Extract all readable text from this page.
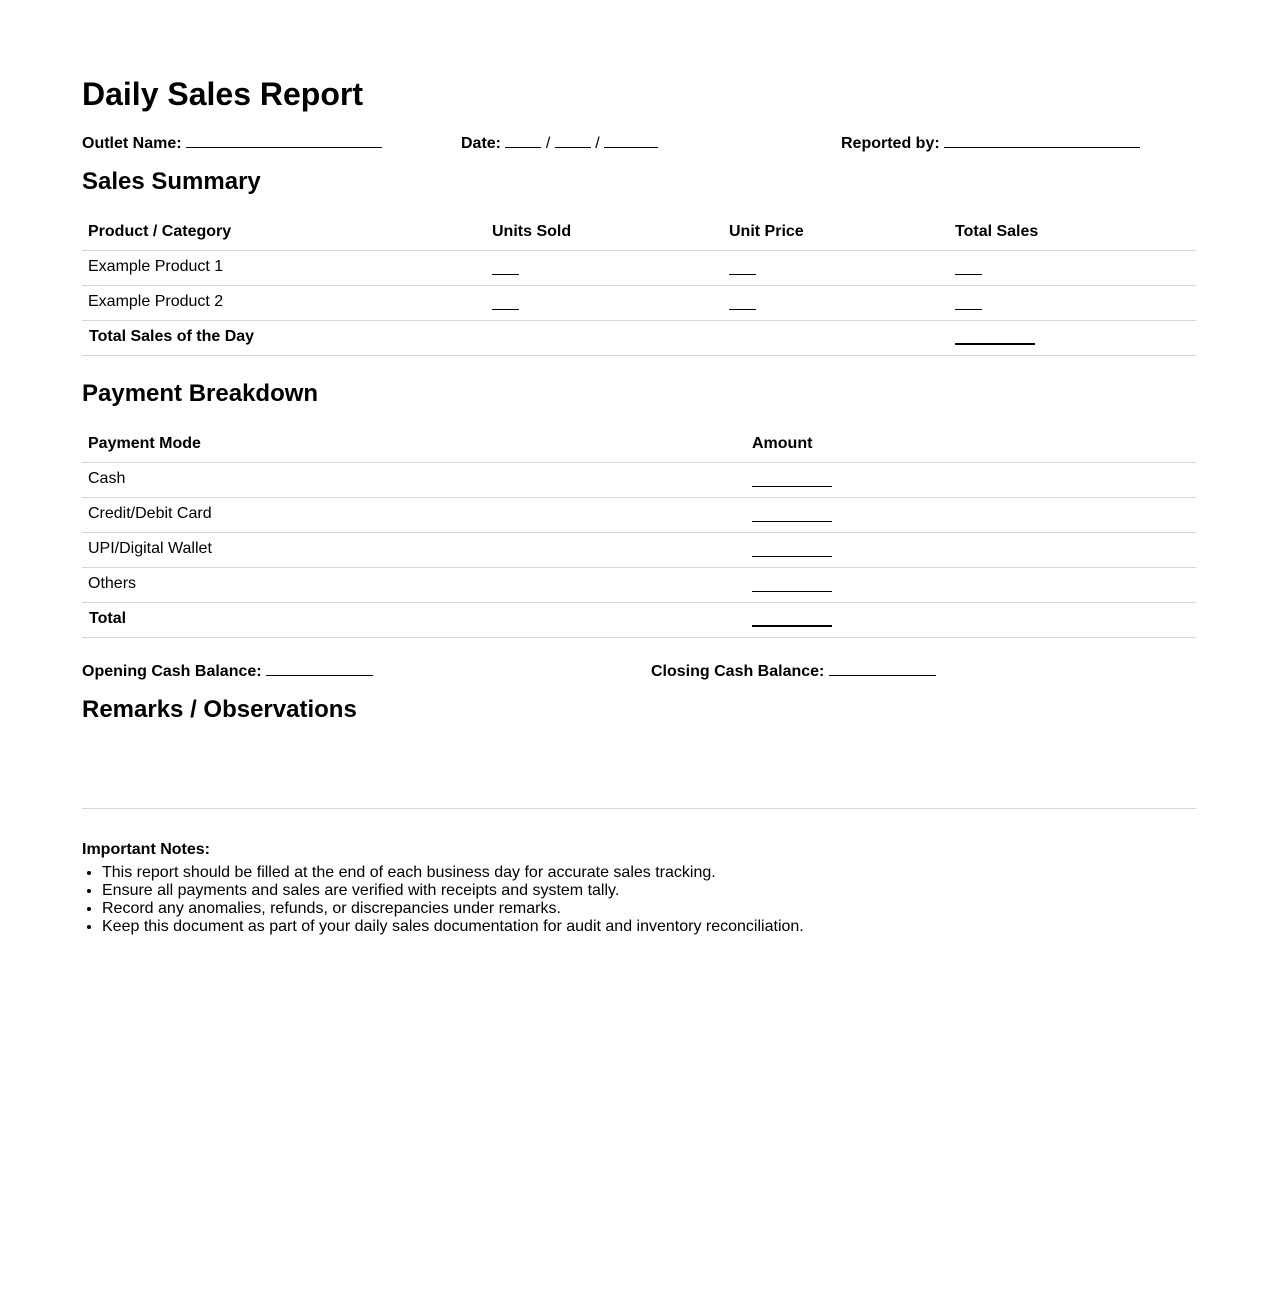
Daily Sales Report
Outlet Name:	Date:	/	/	Reported by:
Sales Summary
Product / Category	Units Sold	Unit Price	Total Sales
Example Product 1
Example Product 2
Total Sales of the Day
Payment Breakdown
Payment Mode	Amount
Cash
Credit/Debit Card
UPI/Digital Wallet
Others
Total
Opening Cash Balance:	Closing Cash Balance:
Remarks / Observations
Important Notes:
• This report should be filled at the end of each business day for accurate sales tracking.
• Ensure all payments and sales are verified with receipts and system tally.
• Record any anomalies, refunds, or discrepancies under remarks.
• Keep this document as part of your daily sales documentation for audit and inventory reconciliation.
